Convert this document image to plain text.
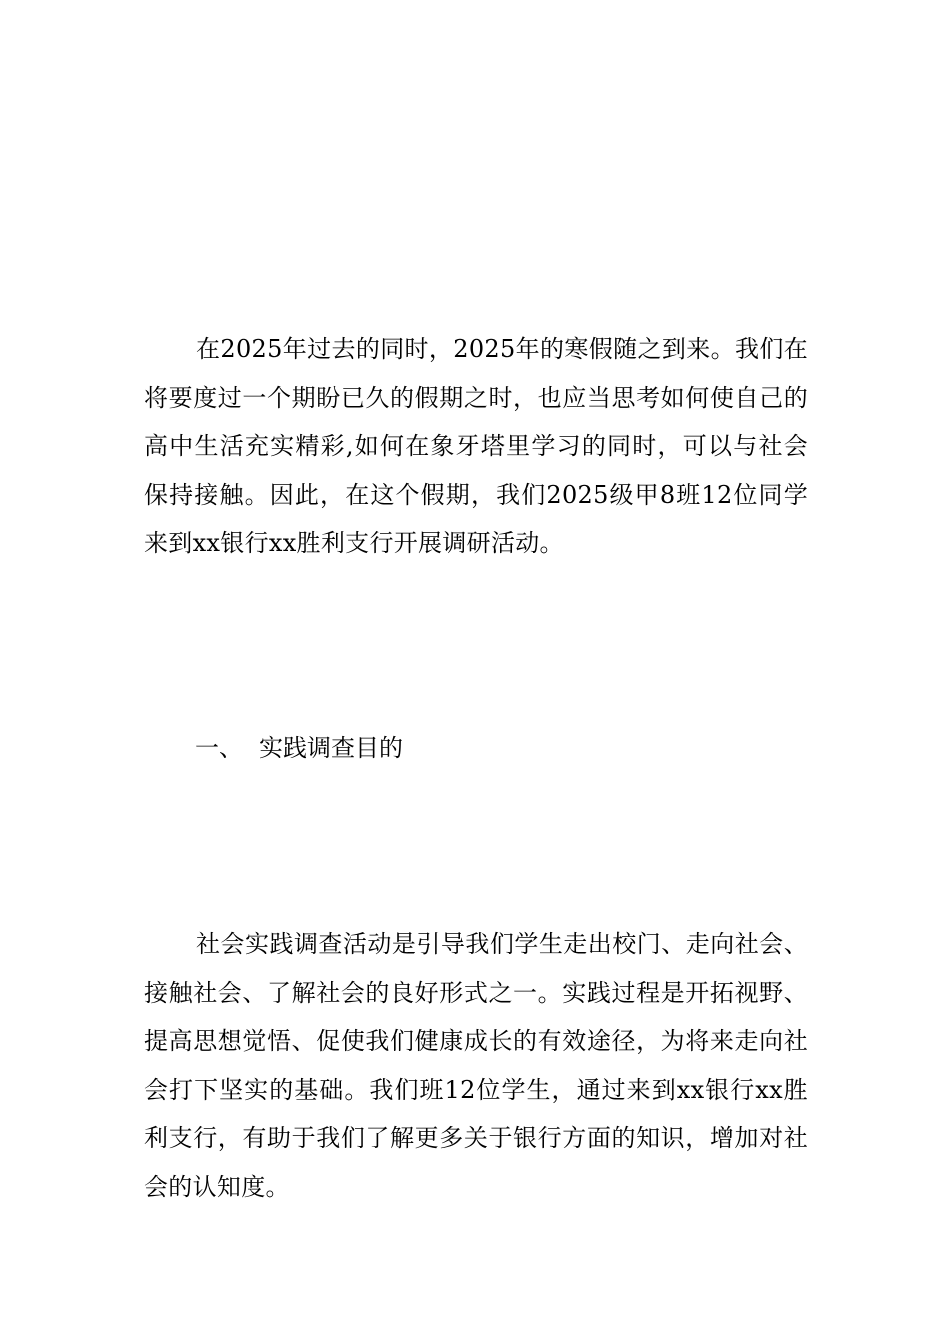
在2025年过去的同时，2025年的寒假随之到来。我们在将要度过一个期盼已久的假期之时，也应当思考如何使自己的高中生活充实精彩,如何在象牙塔里学习的同时，可以与社会保持接触。因此，在这个假期，我们2025级甲8班12位同学来到xx银行xx胜利支行开展调研活动。

一、 实践调查目的

社会实践调查活动是引导我们学生走出校门、走向社会、接触社会、了解社会的良好形式之一。实践过程是开拓视野、提高思想觉悟、促使我们健康成长的有效途径，为将来走向社会打下坚实的基础。我们班12位学生，通过来到xx银行xx胜利支行，有助于我们了解更多关于银行方面的知识，增加对社会的认知度。
